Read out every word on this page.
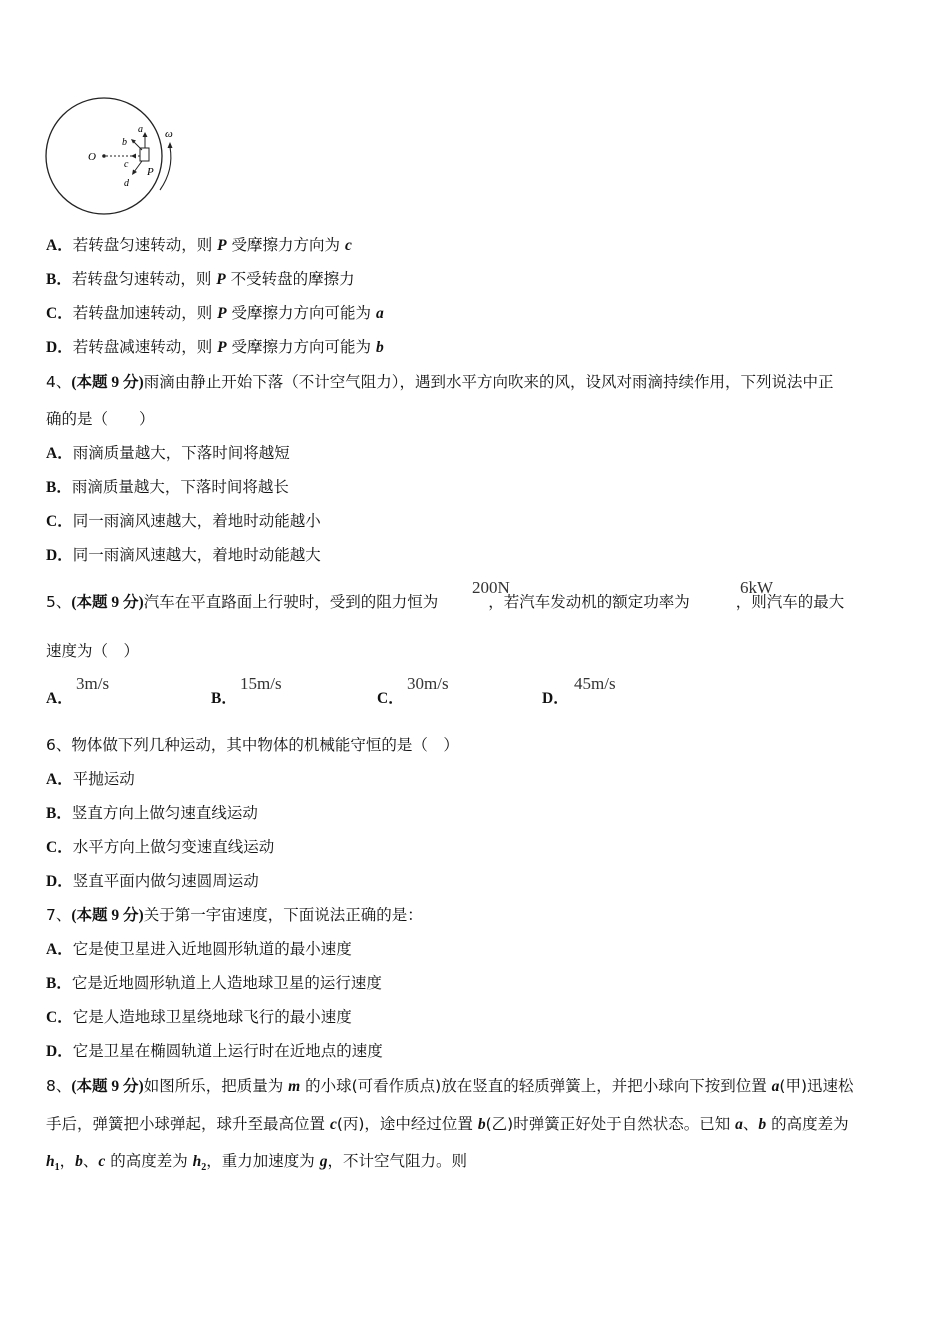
O
a
b
c
d
P
ω
A．若转盘匀速转动，则 P 受摩擦力方向为 c
B．若转盘匀速转动，则 P 不受转盘的摩擦力
C．若转盘加速转动，则 P 受摩擦力方向可能为 a
D．若转盘减速转动，则 P 受摩擦力方向可能为 b
4、(本题 9 分)雨滴由静止开始下落（不计空气阻力），遇到水平方向吹来的风，设风对雨滴持续作用，下列说法中正
确的是（　　）
A．雨滴质量越大，下落时间将越短
B．雨滴质量越大，下落时间将越长
C．同一雨滴风速越大，着地时动能越小
D．同一雨滴风速越大，着地时动能越大
5、(本题 9 分)汽车在平直路面上行驶时，受到的阻力恒为	，若汽车发动机的额定功率为	，则汽车的最大
200N	6kW
速度为（　）
A．	B．	C．	D．
3m/s	15m/s	30m/s	45m/s
6、物体做下列几种运动，其中物体的机械能守恒的是（　）
A．平抛运动
B．竖直方向上做匀速直线运动
C．水平方向上做匀变速直线运动
D．竖直平面内做匀速圆周运动
7、(本题 9 分)关于第一宇宙速度，下面说法正确的是：
A．它是使卫星进入近地圆形轨道的最小速度
B．它是近地圆形轨道上人造地球卫星的运行速度
C．它是人造地球卫星绕地球飞行的最小速度
D．它是卫星在椭圆轨道上运行时在近地点的速度
8、(本题 9 分)如图所乐，把质量为 m 的小球(可看作质点)放在竖直的轻质弹簧上，并把小球向下按到位置 a(甲)迅速松
手后，弹簧把小球弹起，球升至最高位置 c(丙)，途中经过位置 b(乙)时弹簧正好处于自然状态。已知 a、b 的高度差为
$h_1$，b、c 的高度差为 $h_2$，重力加速度为 g，不计空气阻力。则
